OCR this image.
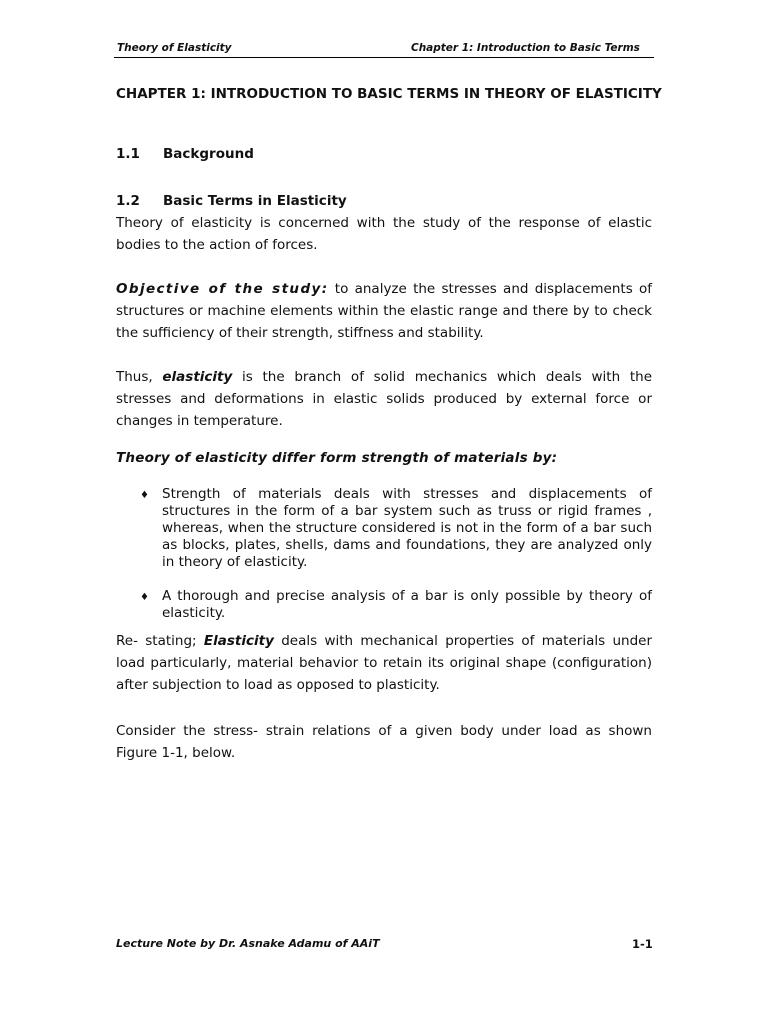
Theory of Elasticity	Chapter 1: Introduction to Basic Terms
CHAPTER 1: INTRODUCTION TO BASIC TERMS IN THEORY OF ELASTICITY
1.1 Background
1.2 Basic Terms in Elasticity

Theory of elasticity is concerned with the study of the response of elastic bodies to the action of forces.

Objective of the study: to analyze the stresses and displacements of structures or machine elements within the elastic range and there by to check the sufficiency of their strength, stiffness and stability.

Thus, elasticity is the branch of solid mechanics which deals with the stresses and deformations in elastic solids produced by external force or changes in temperature.

Theory of elasticity differ form strength of materials by:
♦ Strength of materials deals with stresses and displacements of structures in the form of a bar system such as truss or rigid frames , whereas, when the structure considered is not in the form of a bar such as blocks, plates, shells, dams and foundations, they are analyzed only in theory of elasticity.

♦ A thorough and precise analysis of a bar is only possible by theory of elasticity.

Re- stating; Elasticity deals with mechanical properties of materials under load particularly, material behavior to retain its original shape (configuration) after subjection to load as opposed to plasticity.

Consider the stress- strain relations of a given body under load as shown Figure 1-1, below.

Lecture Note by Dr. Asnake Adamu of AAiT	1-1
